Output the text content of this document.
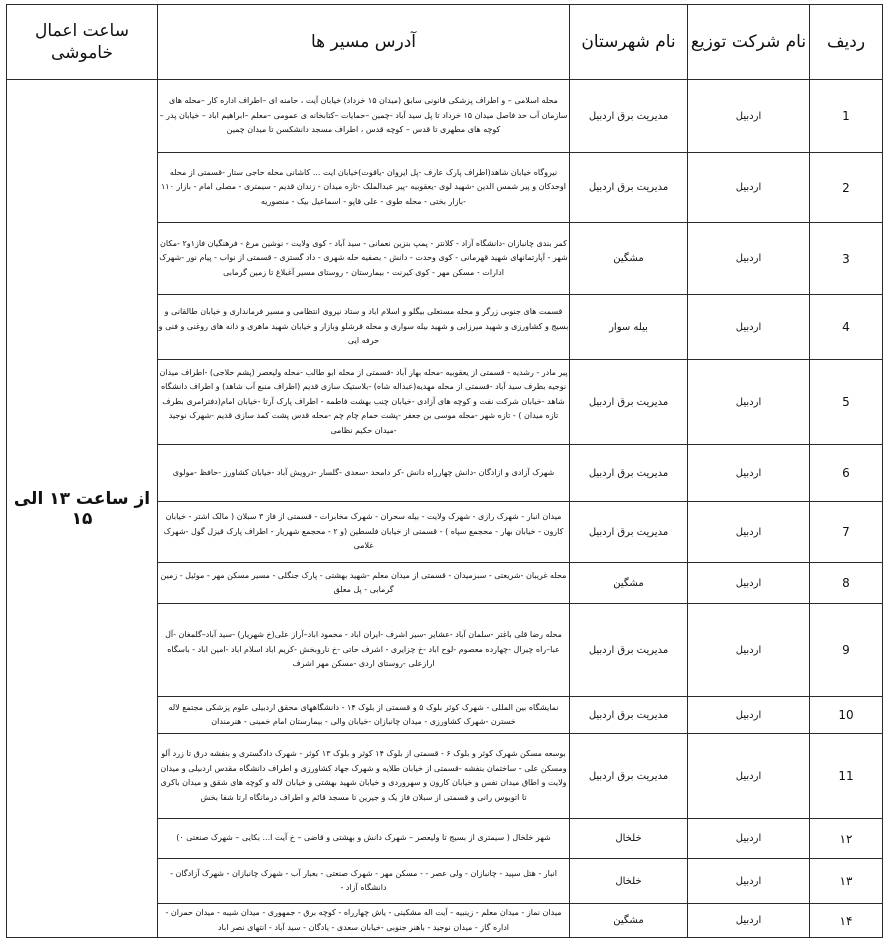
ردیف	نام شرکت توزیع	نام شهرستان	آدرس مسیر ها	ساعت اعمال خاموشی
1	اردبیل	مدیریت برق اردبیل	محله اسلامی – و اطراف پزشکی قانونی سابق (میدان ۱۵ خرداد) خیابان آیت ، حامنه ای –اطراف اداره کار –محله های سازمان آب حد فاصل میدان ۱۵ خرداد تا پل سید آباد -چمین –حمایات –کتابخانه ی عمومی –معلم –ابراهیم اباد – خیابان پدر – کوچه های مطهری تا قدس – کوچه قدس ، اطراف مسجد دانشکسن تا میدان چمین	از ساعت ۱۳ الی ۱۵
2	اردبیل	مدیریت برق اردبیل	نیروگاه خیابان شاهد(اطراف پارک عارف -پل ایروان -یاقوت)خیابان ایت ... کاشانی محله حاجی ستار -قسمتی از محله اوحدکان و پیر شمس الدین -شهید لوی -یعقوبیه -پیر عبدالملک -تازه میدان - زندان قدیم - سیمتری - مصلی امام - بازار ۱۱۰ -بازار بختی - محله طوی - علی قاپو - اسماعیل بیک - منصوریه	
3	اردبیل	مشگین	کمر بندی چانبازان -دانشگاه آزاد - کلانتر - پمپ بنزین نعمانی - سید آباد - کوی ولایت - نوشین مرغ - فرهنگیان فاز۱و۲ -مکان شهر - آپارتمانهای شهید قهرمانی - کوی وحدت - دانش - بصفیه حله شهری - داد گستری - قسمتی از نواب - پیام نور -شهرک ادارات - مسکن مهر - کوی کیرنت - بیمارستان - روستای مسیر آغبلاغ تا زمین گرمابی	
4	اردبیل	بیله سوار	قسمت های جنوبی زرگر و محله مستعلی بیگلو و اسلام اباد و ستاد نیروی انتظامی و مسیر فرمانداری و خیابان طالقانی و بسیج و کشاورزی و شهید میرزایی و شهید بیله سواری و محله قرشلو وبازار و خیابان شهید ماهری و دانه های روغنی و فنی و حرفه ایی	
5	اردبیل	مدیریت برق اردبیل	پیر مادر - رشدیه - قسمتی از یعقوبیه -محله بهار آباد -قسمتی از محله ابو طالب -محله ولیعصر (پشم حلاجی) -اطراف میدان نوجیه بطرف سید آباد -قسمتی از محله مهدیه(عبداله شاه) -بلاستیک سازی قدیم (اطراف منبع آب شاهد) و اطراف دانشگاه شاهد -خیابان شرکت نفت و کوچه های آزادی -خیابان چنب بهشت فاطمه - اطراف پارک آرتا -خیابان امام(دفترامری بطرف تازه میدان ) - تازه شهر -محله موسی بن جعفر -پشت حمام چام چم -محله قدس پشت کمد سازی قدیم -شهرک نوجید -میدان حکیم نظامی	
6	اردبیل	مدیریت برق اردبیل	شهرک آزادی و ازادگان -دانش چهارراه دانش -کر دامحد -سعدی -گلسار -درویش آباد -خیابان کشاورز -حافظ -مولوی	
7	اردبیل	مدیریت برق اردبیل	میدان انبار - شهرک رازی - شهرک ولایت - بیله سحران - شهرک مخابرات - قسمتی از فاز ۳ سبلان ( مالک اشتر - خیابان کارون - خیابان بهار - محجمع سپاه ) - قسمتی از خیابان فلسطین (و ۲ - محجمع شهریار - اطراف پارک قیزل گول -شهرک غلامی	
8	اردبیل	مشگین	محله غریبان -شریعتی - سبزمیدان - قسمتی از میدان معلم -شهید بهشتی - پارک جنگلی - مسیر مسکن مهر - موئیل - زمین گرمابی - پل معلق	
9	اردبیل	مدیریت برق اردبیل	محله رضا قلی باغتر -سلمان آباد -عشایر -سیر اشرف -ایران اباد - محمود اباد–آراز علی(خ شهریار) -سید آباد–گلمغان -آل عبا–راه چیرال -چهارده معصوم -لوح اباد -خ چزایری - اشرف حاتی -خ ناروبخش -کریم اباد اسلام اباد -امین اباد - باسگاه ارازعلی -روستای اردی -مسکن مهر اشرف	
10	اردبیل	مدیریت برق اردبیل	نمایشگاه بین المللی - شهرک کوثر بلوک ۵ و قسمتی از بلوک ۱۴ - دانشگاههای محقق اردبیلی علوم پزشکی مجتمع لاله خسترن -شهرک کشاورزی - میدان چانبازان -خیابان والی - بیمارستان امام خمینی - هنرمندان	
11	اردبیل	مدیریت برق اردبیل	بوسعه مسکن شهرک کوثر و بلوک ۶ - قسمتی از بلوک ۱۴ کوثر و بلوک ۱۳ کوثر - شهرک دادگستری و بنفشه درق تا زرد آلو ومسکن علی - ساختمان بنفشه -قسمتی از خیابان طلایه و شهرک جهاد کشاورزی و اطراف دانشگاه مقدس اردبیلی و میدان ولایت و اطاق میدان نفس و خیابان کارون و سهروردی و خیابان شهید بهشتی و خیابان لاله و کوچه های شقق و میدان باکری تا اتوبوس رانی و قسمتی از سبلان فاز یک و جیرین تا مسجد قائم و اطراف درمانگاه ارتا شفا بخش	
۱۲	اردبیل	خلخال	شهر خلخال ( سیمتری از بسیج تا ولیعصر – شهرک دانش و بهشتی و قاضی – خ آیت ا... بکایی – شهرک صنعتی ۰)	
۱۳	اردبیل	خلخال	انبار - هتل سپید - چانبازان - ولی عصر - - مسکن مهر - شهرک صنعتی - بعبار آب - شهرک چانبازان - شهرک آزادگان - دانشگاه آزاد -	
۱۴	اردبیل	مشگین	میدان نماز - میدان معلم - زینبیه - آیت اله مشکینی - یاش چهارراه - کوچه برق - جمهوری - میدان شیبه - میدان حمران - اداره گاز - میدان نوجید - باهنر جنوبی -خیابان سعدی - یادگان - سید آباد - انتهای نصر اباد	
